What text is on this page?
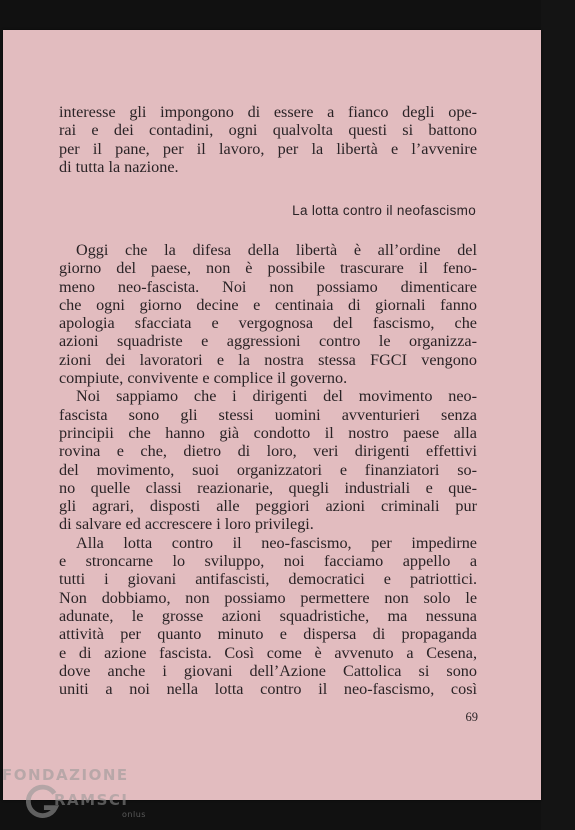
interesse gli impongono di essere a fianco degli ope-
rai e dei contadini, ogni qualvolta questi si battono
per il pane, per il lavoro, per la libertà e l’avvenire
di tutta la nazione.
La lotta contro il neofascismo
Oggi che la difesa della libertà è all’ordine del
giorno del paese, non è possibile trascurare il feno-
meno neo-fascista. Noi non possiamo dimenticare
che ogni giorno decine e centinaia di giornali fanno
apologia sfacciata e vergognosa del fascismo, che
azioni squadriste e aggressioni contro le organizza-
zioni dei lavoratori e la nostra stessa FGCI vengono
compiute, convivente e complice il governo.
Noi sappiamo che i dirigenti del movimento neo-
fascista sono gli stessi uomini avventurieri senza
principii che hanno già condotto il nostro paese alla
rovina e che, dietro di loro, veri dirigenti effettivi
del movimento, suoi organizzatori e finanziatori so-
no quelle classi reazionarie, quegli industriali e que-
gli agrari, disposti alle peggiori azioni criminali pur
di salvare ed accrescere i loro privilegi.
Alla lotta contro il neo-fascismo, per impedirne
e stroncarne lo sviluppo, noi facciamo appello a
tutti i giovani antifascisti, democratici e patriottici.
Non dobbiamo, non possiamo permettere non solo le
adunate, le grosse azioni squadristiche, ma nessuna
attività per quanto minuto e dispersa di propaganda
e di azione fascista. Così come è avvenuto a Cesena,
dove anche i giovani dell’Azione Cattolica si sono
uniti a noi nella lotta contro il neo-fascismo, così
69
FONDAZIONE
RAMSCI
onlus
